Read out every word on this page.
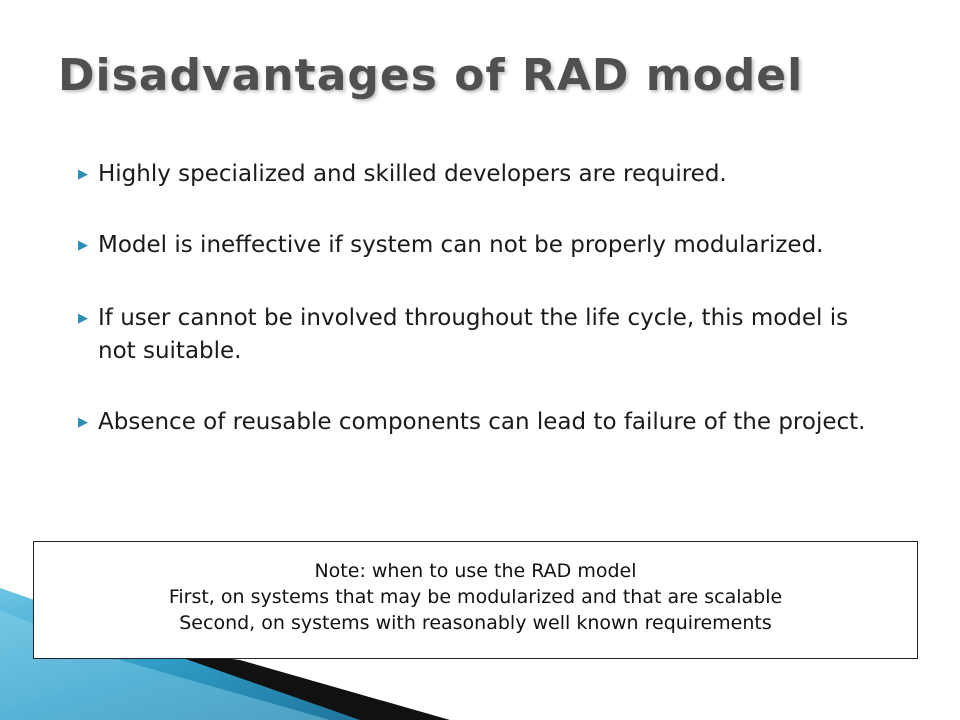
Disadvantages of RAD model
▶ Highly specialized and skilled developers are required.
▶ Model is ineffective if system can not be properly modularized.
▶ If user cannot be involved throughout the life cycle, this model is not suitable.
▶ Absence of reusable components can lead to failure of the project.
Note: when to use the RAD model
First, on systems that may be modularized and that are scalable
Second, on systems with reasonably well known requirements
